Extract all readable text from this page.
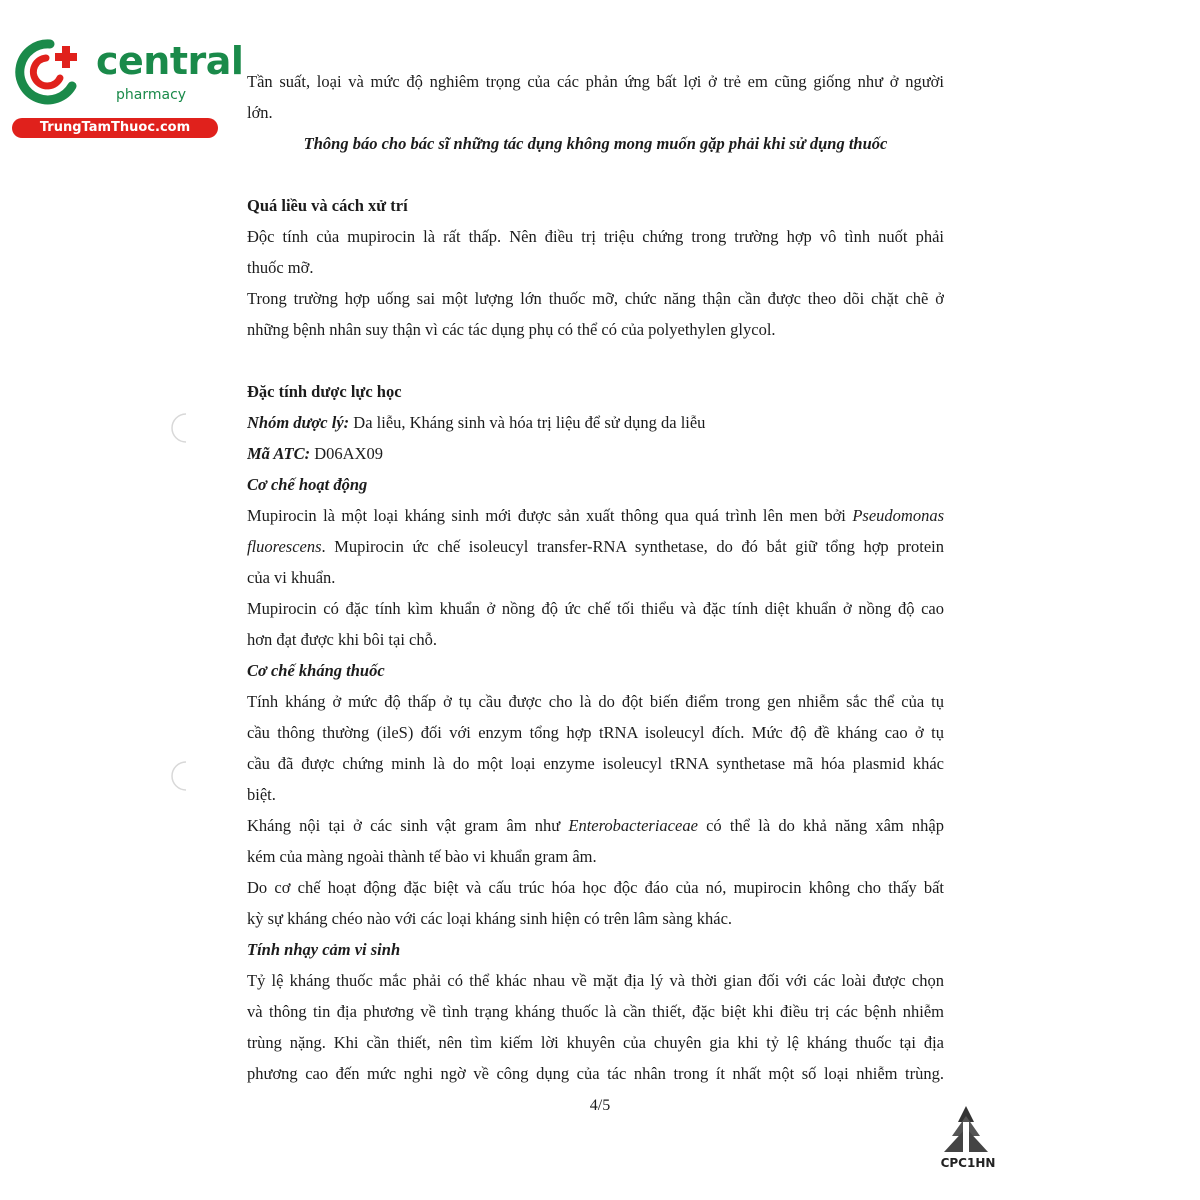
central
pharmacy
TrungTamThuoc.com
Tần suất, loại và mức độ nghiêm trọng của các phản ứng bất lợi ở trẻ em cũng giống như ở người
lớn.
Thông báo cho bác sĩ những tác dụng không mong muốn gặp phải khi sử dụng thuốc
Quá liều và cách xử trí
Độc tính của mupirocin là rất thấp. Nên điều trị triệu chứng trong trường hợp vô tình nuốt phải
thuốc mỡ.
Trong trường hợp uống sai một lượng lớn thuốc mỡ, chức năng thận cần được theo dõi chặt chẽ ở
những bệnh nhân suy thận vì các tác dụng phụ có thể có của polyethylen glycol.
Đặc tính dược lực học
Nhóm dược lý: Da liễu, Kháng sinh và hóa trị liệu để sử dụng da liễu
Mã ATC: D06AX09
Cơ chế hoạt động
Mupirocin là một loại kháng sinh mới được sản xuất thông qua quá trình lên men bởi Pseudomonas
fluorescens. Mupirocin ức chế isoleucyl transfer-RNA synthetase, do đó bắt giữ tổng hợp protein
của vi khuẩn.
Mupirocin có đặc tính kìm khuẩn ở nồng độ ức chế tối thiểu và đặc tính diệt khuẩn ở nồng độ cao
hơn đạt được khi bôi tại chỗ.
Cơ chế kháng thuốc
Tính kháng ở mức độ thấp ở tụ cầu được cho là do đột biến điểm trong gen nhiễm sắc thể của tụ
cầu thông thường (ileS) đối với enzym tổng hợp tRNA isoleucyl đích. Mức độ đề kháng cao ở tụ
cầu đã được chứng minh là do một loại enzyme isoleucyl tRNA synthetase mã hóa plasmid khác
biệt.
Kháng nội tại ở các sinh vật gram âm như Enterobacteriaceae có thể là do khả năng xâm nhập
kém của màng ngoài thành tế bào vi khuẩn gram âm.
Do cơ chế hoạt động đặc biệt và cấu trúc hóa học độc đáo của nó, mupirocin không cho thấy bất
kỳ sự kháng chéo nào với các loại kháng sinh hiện có trên lâm sàng khác.
Tính nhạy cảm vi sinh
Tỷ lệ kháng thuốc mắc phải có thể khác nhau về mặt địa lý và thời gian đối với các loài được chọn
và thông tin địa phương về tình trạng kháng thuốc là cần thiết, đặc biệt khi điều trị các bệnh nhiễm
trùng nặng. Khi cần thiết, nên tìm kiếm lời khuyên của chuyên gia khi tỷ lệ kháng thuốc tại địa
phương cao đến mức nghi ngờ về công dụng của tác nhân trong ít nhất một số loại nhiễm trùng.
4/5
CPC1HN
